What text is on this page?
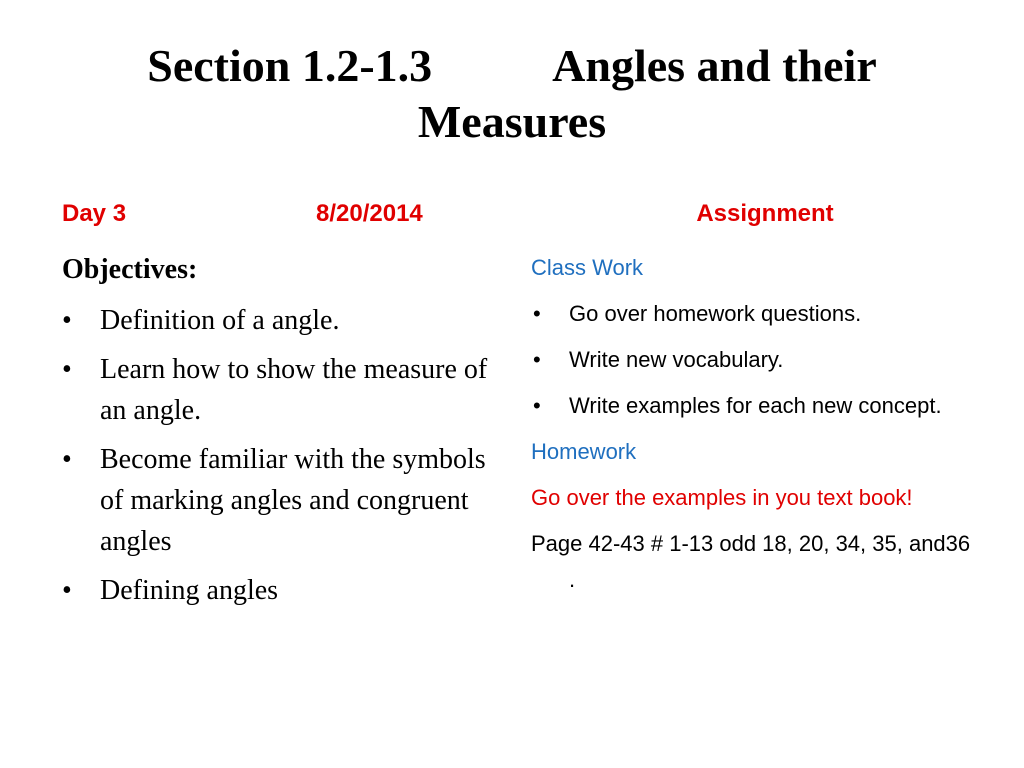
Section 1.2-1.3	Angles and their
Measures
Day 3	8/20/2014	Assignment
Objectives:
• Definition of a angle.
• Learn how to show the measure of an angle.
• Become familiar with the symbols of marking angles and congruent angles
• Defining angles
Class Work
• Go over homework questions.
• Write new vocabulary.
• Write examples for each new concept.
Homework
Go over the examples in you text book!
Page 42-43 # 1-13 odd 18, 20, 34, 35, and36 .
